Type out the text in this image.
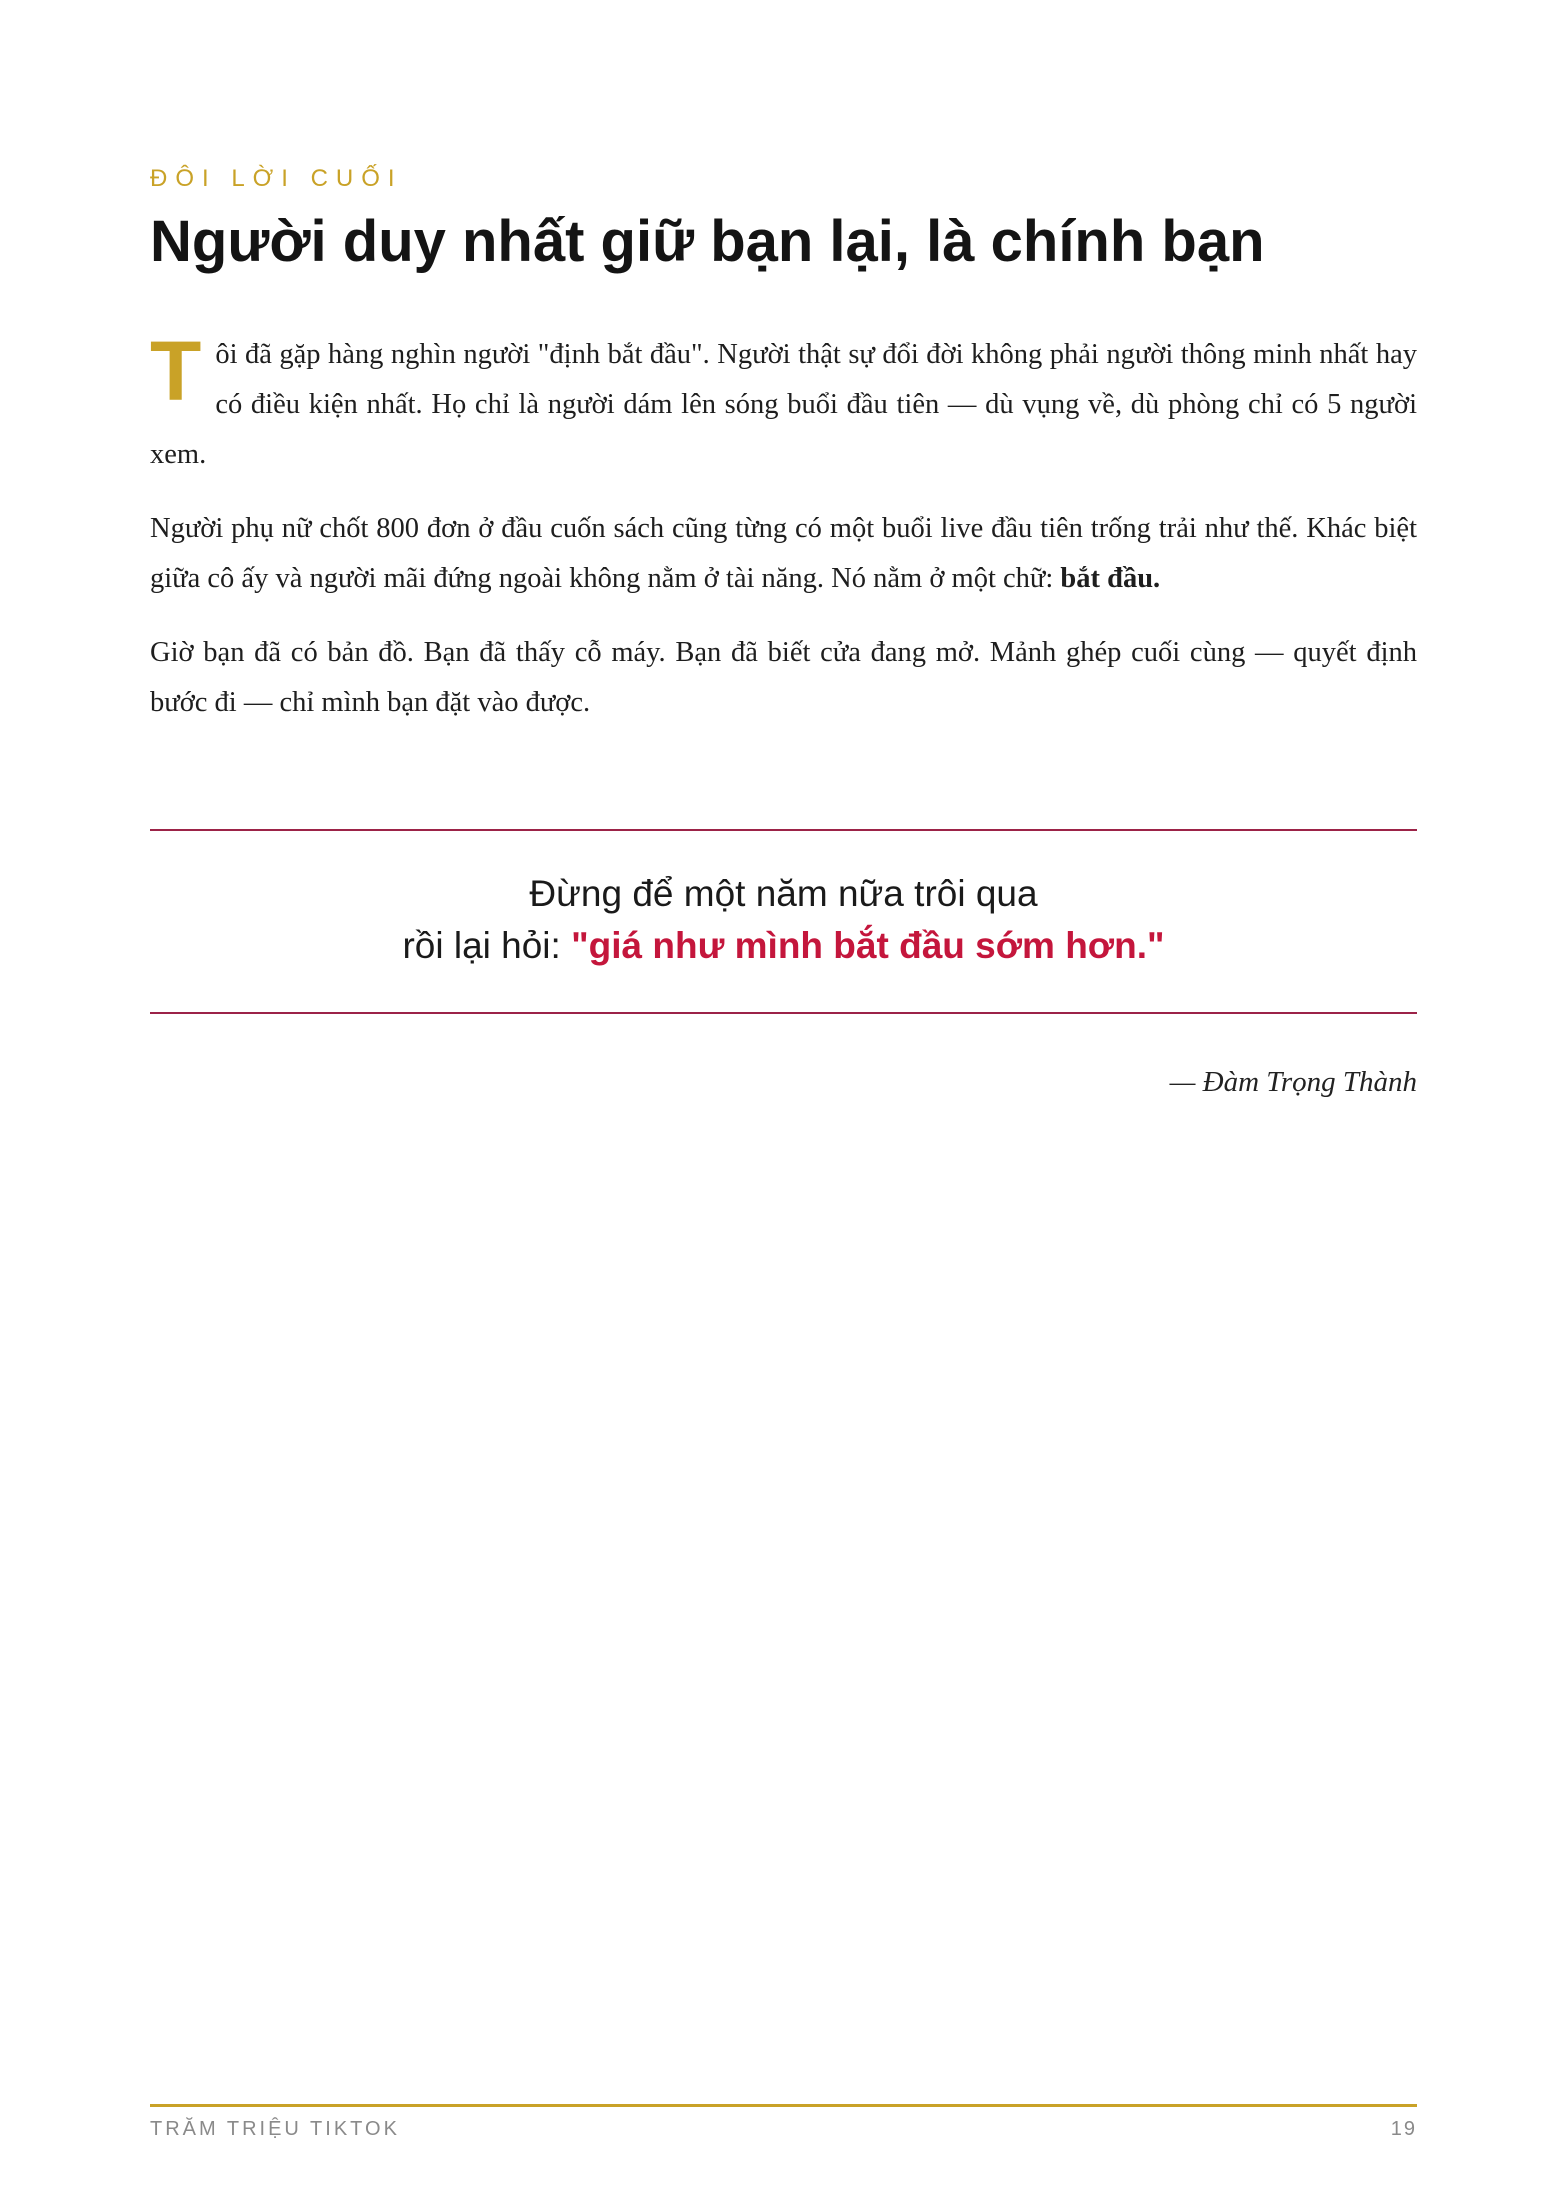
ĐÔI LỜI CUỐI
Người duy nhất giữ bạn lại, là chính bạn

Tôi đã gặp hàng nghìn người "định bắt đầu". Người thật sự đổi đời không phải người thông minh nhất hay có điều kiện nhất. Họ chỉ là người dám lên sóng buổi đầu tiên — dù vụng về, dù phòng chỉ có 5 người xem.

Người phụ nữ chốt 800 đơn ở đầu cuốn sách cũng từng có một buổi live đầu tiên trống trải như thế. Khác biệt giữa cô ấy và người mãi đứng ngoài không nằm ở tài năng. Nó nằm ở một chữ: bắt đầu.

Giờ bạn đã có bản đồ. Bạn đã thấy cỗ máy. Bạn đã biết cửa đang mở. Mảnh ghép cuối cùng — quyết định bước đi — chỉ mình bạn đặt vào được.

Đừng để một năm nữa trôi qua
rồi lại hỏi: "giá như mình bắt đầu sớm hơn."
— Đàm Trọng Thành
TRĂM TRIỆU TIKTOK	19
